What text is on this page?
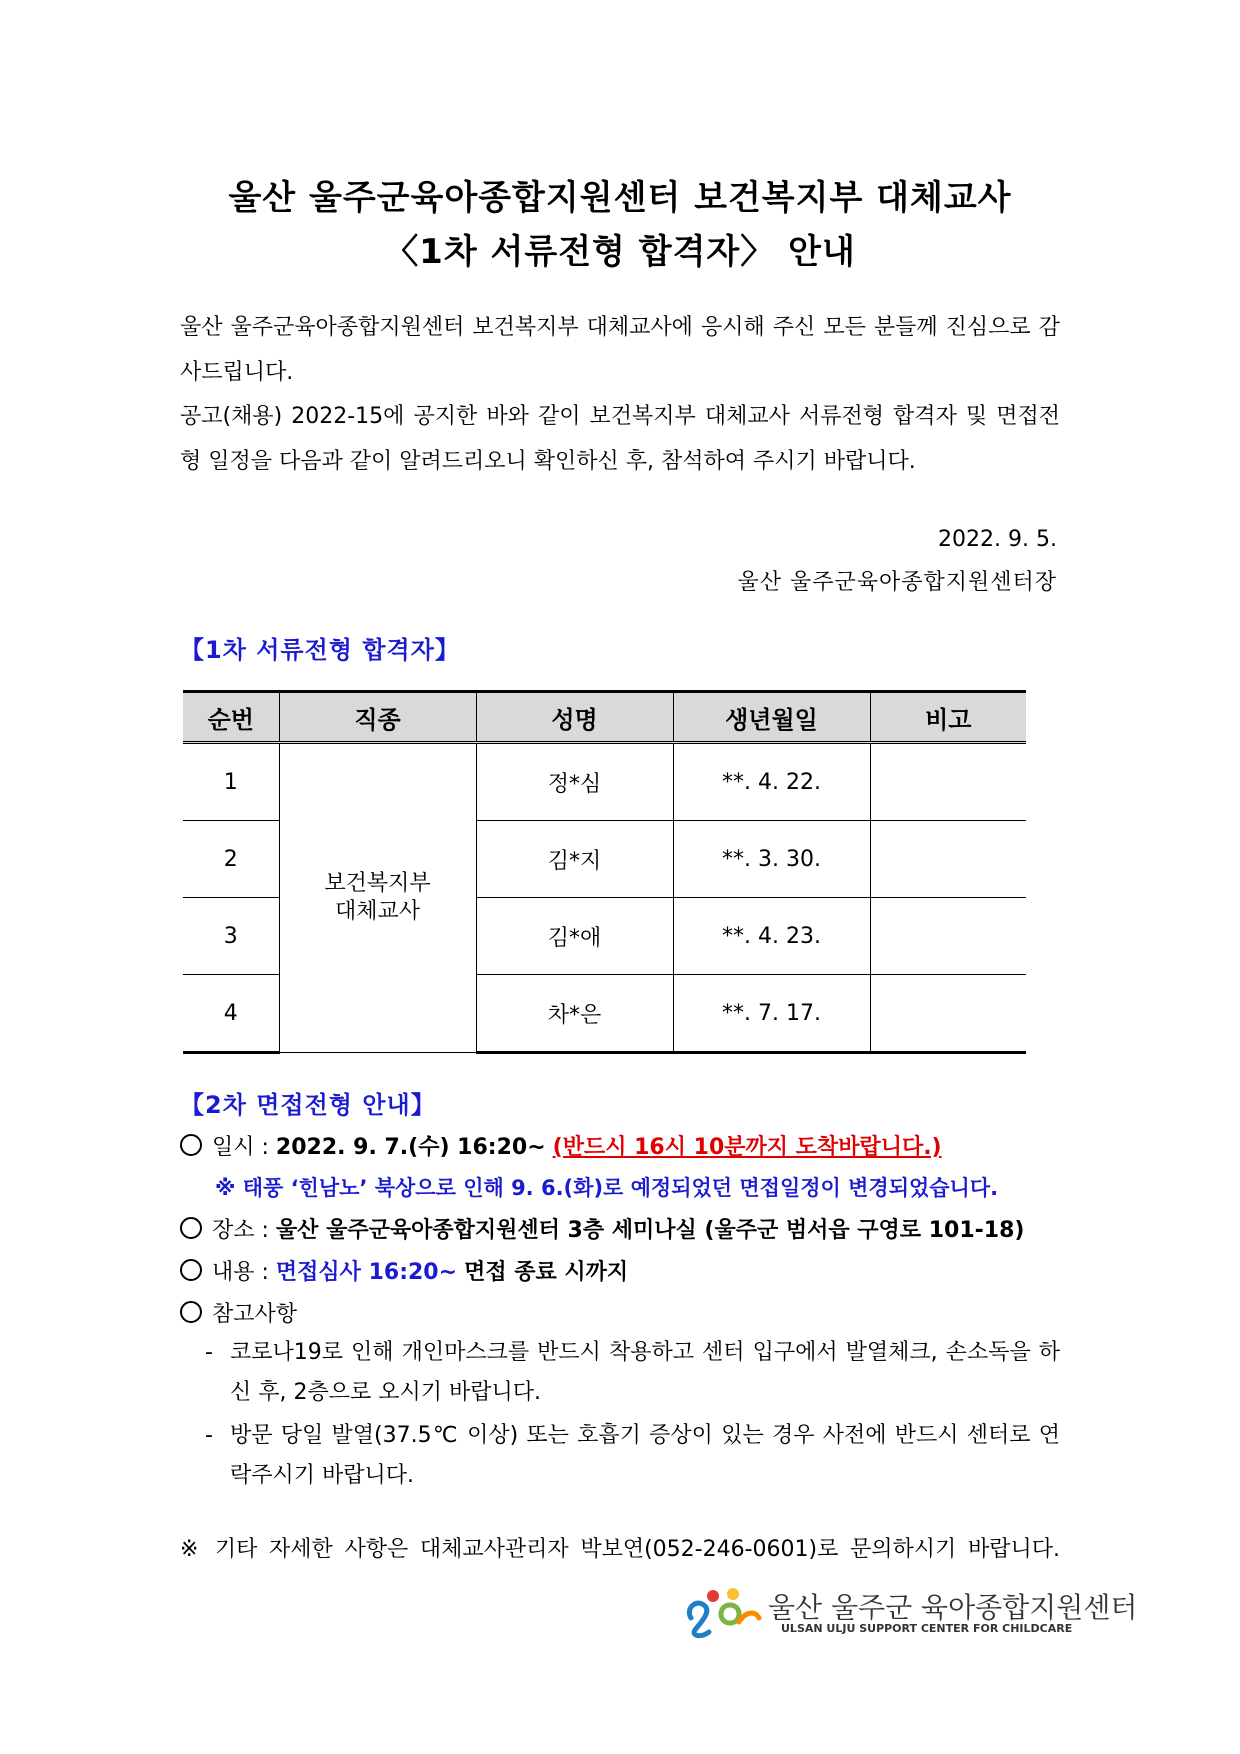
울산 울주군육아종합지원센터 보건복지부 대체교사
〈1차 서류전형 합격자〉 안내
울산 울주군육아종합지원센터 보건복지부 대체교사에 응시해 주신 모든 분들께 진심으로 감사드립니다.
공고(채용) 2022-15에 공지한 바와 같이 보건복지부 대체교사 서류전형 합격자 및 면접전형 일정을 다음과 같이 알려드리오니 확인하신 후, 참석하여 주시기 바랍니다.
2022. 9. 5.
울산 울주군육아종합지원센터장
【1차 서류전형 합격자】
순번	직종	성명	생년월일	비고
1	보건복지부 대체교사	정*심	**. 4. 22.	
2		김*지	**. 3. 30.	
3		김*애	**. 4. 23.	
4		차*은	**. 7. 17.	
【2차 면접전형 안내】
일시 : 2022. 9. 7.(수) 16:20~ (반드시 16시 10분까지 도착바랍니다.)
※ 태풍 ‘힌남노’ 북상으로 인해 9. 6.(화)로 예정되었던 면접일정이 변경되었습니다.
장소 : 울산 울주군육아종합지원센터 3층 세미나실 (울주군 범서읍 구영로 101-18)
내용 : 면접심사 16:20~ 면접 종료 시까지
참고사항
- 코로나19로 인해 개인마스크를 반드시 착용하고 센터 입구에서 발열체크, 손소독을 하신 후, 2층으로 오시기 바랍니다.
- 방문 당일 발열(37.5℃ 이상) 또는 호흡기 증상이 있는 경우 사전에 반드시 센터로 연락주시기 바랍니다.
※ 기타 자세한 사항은 대체교사관리자 박보연(052-246-0601)로 문의하시기 바랍니다.
울산 울주군 육아종합지원센터
ULSAN ULJU SUPPORT CENTER FOR CHILDCARE
